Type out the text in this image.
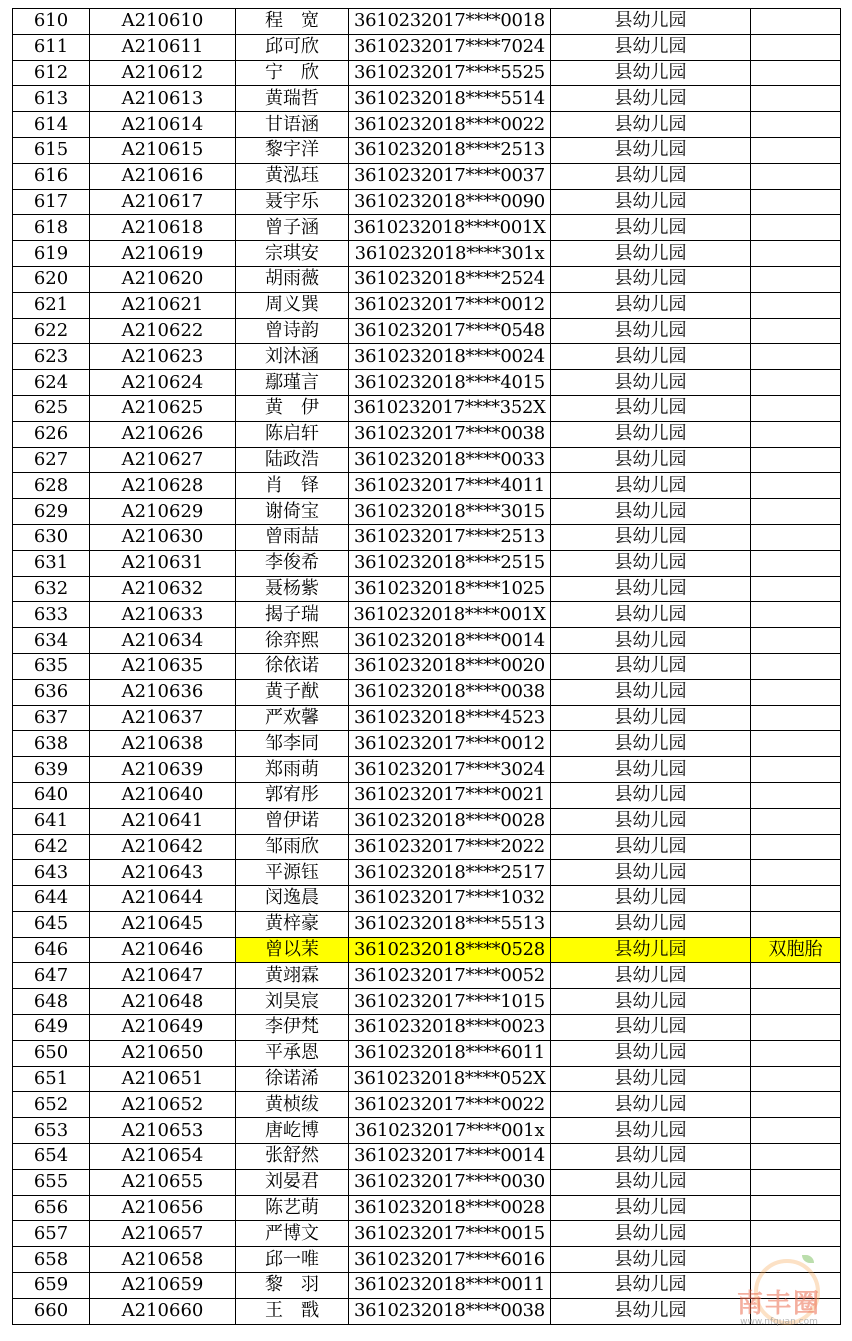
610	A210610	程　宽	3610232017****0018	县幼儿园	
611	A210611	邱可欣	3610232017****7024	县幼儿园	
612	A210612	宁　欣	3610232017****5525	县幼儿园	
613	A210613	黄瑞哲	3610232018****5514	县幼儿园	
614	A210614	甘语涵	3610232018****0022	县幼儿园	
615	A210615	黎宇洋	3610232018****2513	县幼儿园	
616	A210616	黄泓珏	3610232017****0037	县幼儿园	
617	A210617	聂宇乐	3610232018****0090	县幼儿园	
618	A210618	曾子涵	3610232018****001X	县幼儿园	
619	A210619	宗琪安	3610232018****301x	县幼儿园	
620	A210620	胡雨薇	3610232018****2524	县幼儿园	
621	A210621	周义巽	3610232017****0012	县幼儿园	
622	A210622	曾诗韵	3610232017****0548	县幼儿园	
623	A210623	刘沐涵	3610232018****0024	县幼儿园	
624	A210624	鄢瑾言	3610232018****4015	县幼儿园	
625	A210625	黄　伊	3610232017****352X	县幼儿园	
626	A210626	陈启轩	3610232017****0038	县幼儿园	
627	A210627	陆政浩	3610232018****0033	县幼儿园	
628	A210628	肖　铎	3610232017****4011	县幼儿园	
629	A210629	谢倚宝	3610232018****3015	县幼儿园	
630	A210630	曾雨喆	3610232017****2513	县幼儿园	
631	A210631	李俊希	3610232018****2515	县幼儿园	
632	A210632	聂杨紫	3610232018****1025	县幼儿园	
633	A210633	揭子瑞	3610232018****001X	县幼儿园	
634	A210634	徐弈熙	3610232018****0014	县幼儿园	
635	A210635	徐依诺	3610232018****0020	县幼儿园	
636	A210636	黄子猷	3610232018****0038	县幼儿园	
637	A210637	严欢馨	3610232018****4523	县幼儿园	
638	A210638	邹李同	3610232017****0012	县幼儿园	
639	A210639	郑雨萌	3610232017****3024	县幼儿园	
640	A210640	郭宥彤	3610232017****0021	县幼儿园	
641	A210641	曾伊诺	3610232018****0028	县幼儿园	
642	A210642	邹雨欣	3610232017****2022	县幼儿园	
643	A210643	平源钰	3610232018****2517	县幼儿园	
644	A210644	闵逸晨	3610232017****1032	县幼儿园	
645	A210645	黄梓豪	3610232018****5513	县幼儿园	
646	A210646	曾以茉	3610232018****0528	县幼儿园	双胞胎
647	A210647	黄翊霖	3610232017****0052	县幼儿园	
648	A210648	刘昊宸	3610232017****1015	县幼儿园	
649	A210649	李伊梵	3610232018****0023	县幼儿园	
650	A210650	平承恩	3610232018****6011	县幼儿园	
651	A210651	徐诺浠	3610232018****052X	县幼儿园	
652	A210652	黄桢绂	3610232017****0022	县幼儿园	
653	A210653	唐屹博	3610232017****001x	县幼儿园	
654	A210654	张舒然	3610232017****0014	县幼儿园	
655	A210655	刘晏君	3610232017****0030	县幼儿园	
656	A210656	陈艺萌	3610232018****0028	县幼儿园	
657	A210657	严博文	3610232017****0015	县幼儿园	
658	A210658	邱一唯	3610232017****6016	县幼儿园	
659	A210659	黎　羽	3610232018****0011	县幼儿园	
660	A210660	王　戬	3610232018****0038	县幼儿园		南丰圈
www.nfquan.com
